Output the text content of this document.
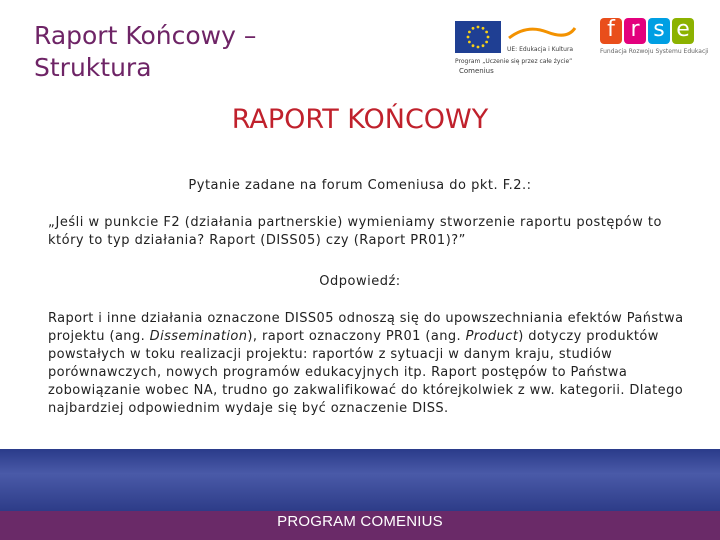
Raport Końcowy –
Struktura
UE: Edukacja i Kultura
Program „Uczenie się przez całe życie”
Comenius
f r s e
Fundacja Rozwoju Systemu Edukacji
RAPORT KOŃCOWY
Pytanie zadane na forum Comeniusa do pkt. F.2.:
„Jeśli w punkcie F2 (działania partnerskie) wymieniamy stworzenie raportu postępów to który to typ działania? Raport (DISS05) czy (Raport PR01)?”
Odpowiedź:
Raport i inne działania oznaczone DISS05 odnoszą się do upowszechniania efektów Państwa projektu (ang. Dissemination), raport oznaczony PR01 (ang. Product) dotyczy produktów powstałych w toku realizacji projektu: raportów z sytuacji w danym kraju, studiów porównawczych, nowych programów edukacyjnych itp. Raport postępów to Państwa zobowiązanie wobec NA, trudno go zakwalifikować do którejkolwiek z ww. kategorii. Dlatego najbardziej odpowiednim wydaje się być oznaczenie DISS.
PROGRAM COMENIUS
